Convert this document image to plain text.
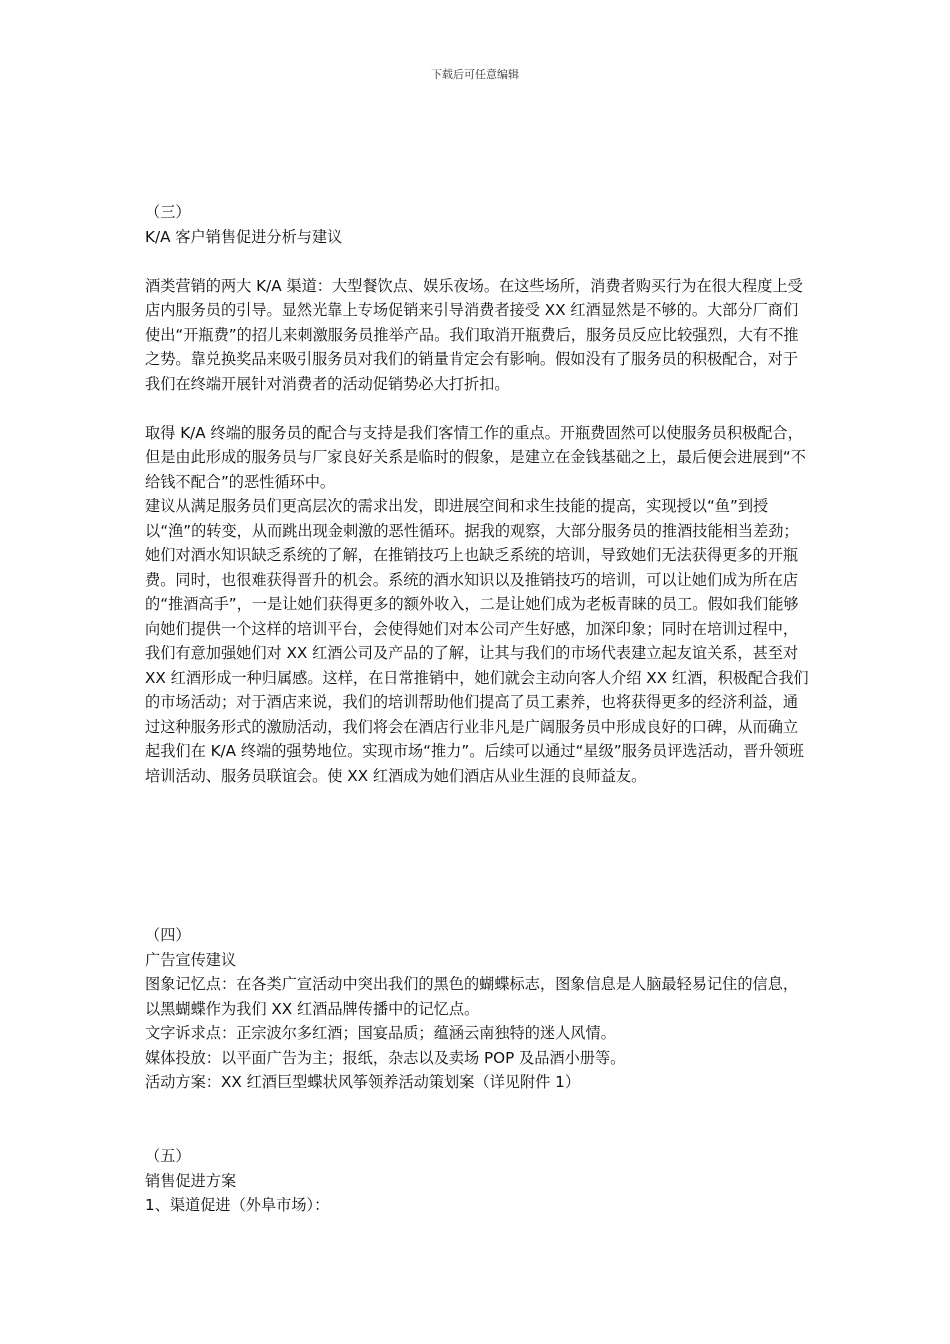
下载后可任意编辑

（三）

K/A 客户销售促进分析与建议

酒类营销的两大 K/A 渠道：大型餐饮点、娱乐夜场。在这些场所，消费者购买行为在很大程度上受店内服务员的引导。显然光靠上专场促销来引导消费者接受 XX 红酒显然是不够的。大部分厂商们使出“开瓶费”的招儿来刺激服务员推举产品。我们取消开瓶费后，服务员反应比较强烈，大有不推之势。靠兑换奖品来吸引服务员对我们的销量肯定会有影响。假如没有了服务员的积极配合，对于我们在终端开展针对消费者的活动促销势必大打折扣。

取得 K/A 终端的服务员的配合与支持是我们客情工作的重点。开瓶费固然可以使服务员积极配合，但是由此形成的服务员与厂家良好关系是临时的假象，是建立在金钱基础之上，最后便会进展到“不给钱不配合”的恶性循环中。

建议从满足服务员们更高层次的需求出发，即进展空间和求生技能的提高，实现授以“鱼”到授以“渔”的转变，从而跳出现金刺激的恶性循环。据我的观察，大部分服务员的推酒技能相当差劲；她们对酒水知识缺乏系统的了解，在推销技巧上也缺乏系统的培训，导致她们无法获得更多的开瓶费。同时，也很难获得晋升的机会。系统的酒水知识以及推销技巧的培训，可以让她们成为所在店的“推酒高手”，一是让她们获得更多的额外收入，二是让她们成为老板青睐的员工。假如我们能够向她们提供一个这样的培训平台，会使得她们对本公司产生好感，加深印象；同时在培训过程中，我们有意加强她们对 XX 红酒公司及产品的了解，让其与我们的市场代表建立起友谊关系，甚至对 XX 红酒形成一种归属感。这样，在日常推销中，她们就会主动向客人介绍 XX 红酒，积极配合我们的市场活动；对于酒店来说，我们的培训帮助他们提高了员工素养，也将获得更多的经济利益，通过这种服务形式的激励活动，我们将会在酒店行业非凡是广阔服务员中形成良好的口碑，从而确立起我们在 K/A 终端的强势地位。实现市场“推力”。后续可以通过“星级”服务员评选活动，晋升领班培训活动、服务员联谊会。使 XX 红酒成为她们酒店从业生涯的良师益友。

（四）

广告宣传建议

图象记忆点：在各类广宣活动中突出我们的黑色的蝴蝶标志，图象信息是人脑最轻易记住的信息，以黑蝴蝶作为我们 XX 红酒品牌传播中的记忆点。

文字诉求点：正宗波尔多红酒；国宴品质；蕴涵云南独特的迷人风情。

媒体投放：以平面广告为主；报纸，杂志以及卖场 POP 及品酒小册等。

活动方案：XX 红酒巨型蝶状风筝领养活动策划案（详见附件 1）

（五）

销售促进方案

1、渠道促进（外阜市场）：
